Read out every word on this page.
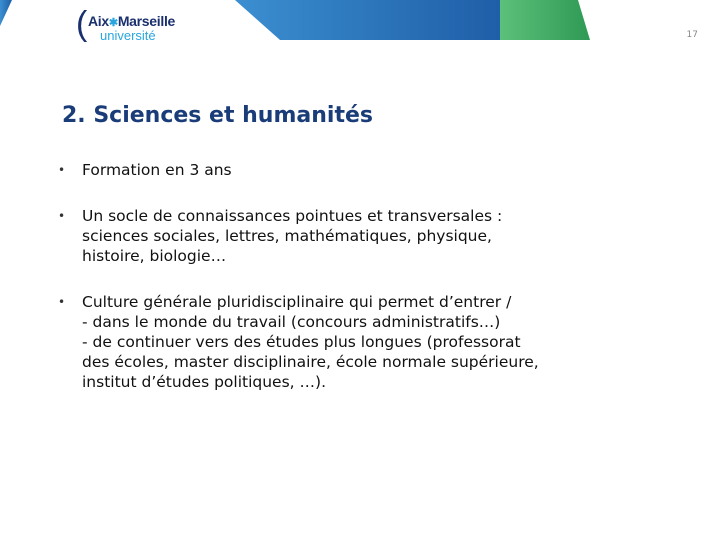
( Aix✱Marseille
université	17
2. Sciences et humanités
• Formation en 3 ans
• Un socle de connaissances pointues et transversales :
sciences sociales, lettres, mathématiques, physique,
histoire, biologie…
• Culture générale pluridisciplinaire qui permet d’entrer /
- dans le monde du travail (concours administratifs…)
- de continuer vers des études plus longues (professorat
des écoles, master disciplinaire, école normale supérieure,
institut d’études politiques, …).
